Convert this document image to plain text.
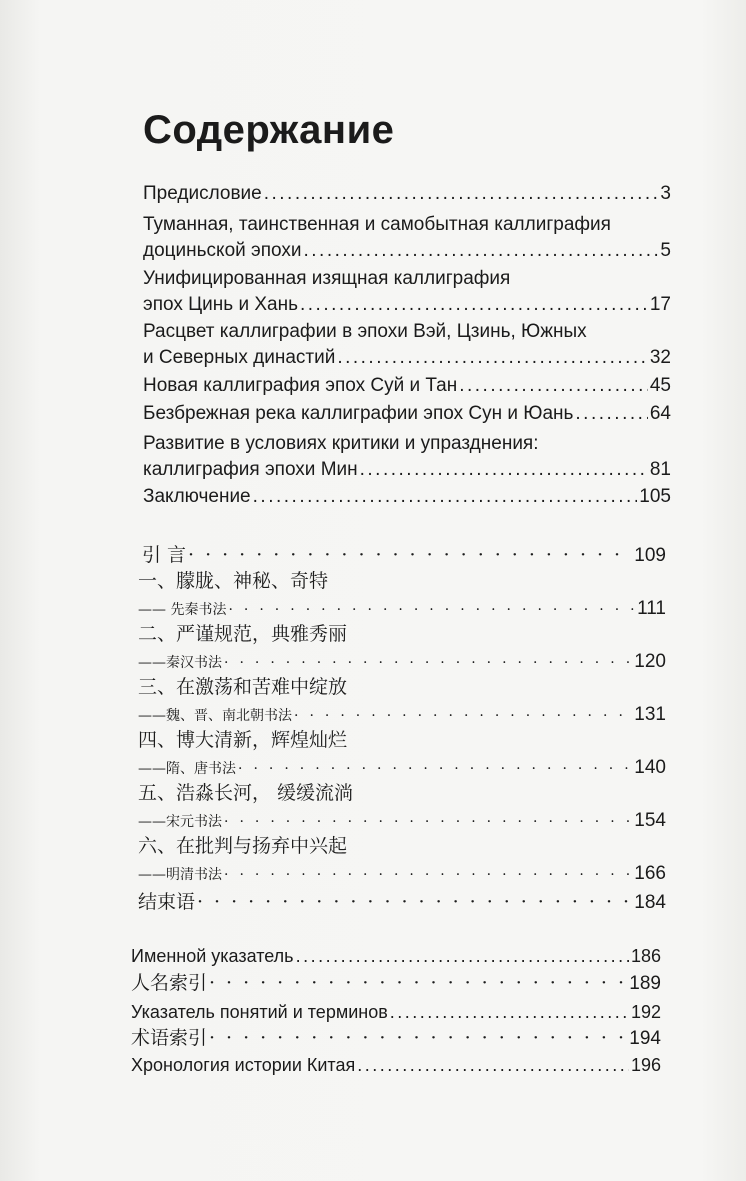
Содержание
Предисловие .....	3
Туманная, таинственная и самобытная каллиграфия
доциньской эпохи .....	5
Унифицированная изящная каллиграфия
эпох Цинь и Хань .....	17
Расцвет каллиграфии в эпохи Вэй, Цзинь, Южных
и Северных династий .....	32
Новая каллиграфия эпох Суй и Тан .....	45
Безбрежная река каллиграфии эпох Сун и Юань .....	64
Развитие в условиях критики и упразднения:
каллиграфия эпохи Мин .....	81
Заключение .....	105
引 言 ·····	109
一、朦胧、神秘、奇特
—— 先秦书法 ·····	111
二、严谨规范，典雅秀丽
——秦汉书法 ·····	120
三、在激荡和苦难中绽放
——魏、晋、南北朝书法 ·····	131
四、博大清新，辉煌灿烂
——隋、唐书法 ·····	140
五、浩淼长河， 缓缓流淌
——宋元书法 ·····	154
六、在批判与扬弃中兴起
——明清书法 ·····	166
结束语 ·····	184
Именной указатель .....	186
人名索引 ·····	189
Указатель понятий и терминов .....	192
术语索引 ·····	194
Хронология истории Китая .....	196
